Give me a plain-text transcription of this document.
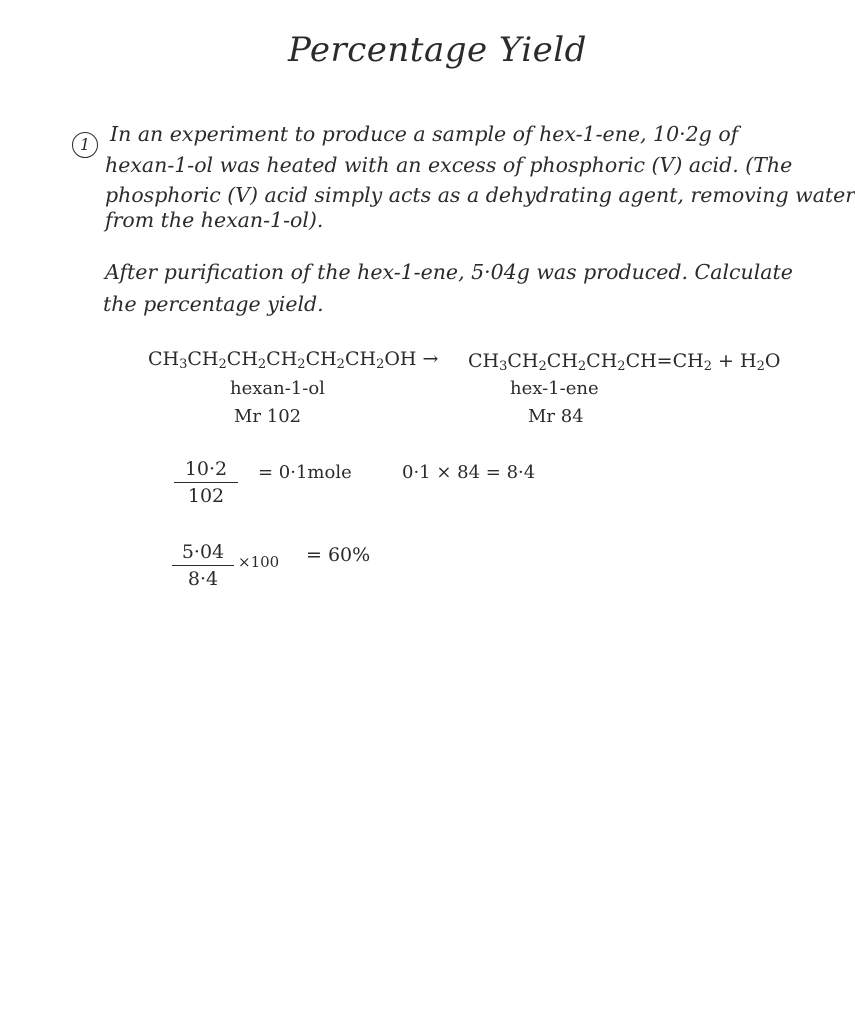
Percentage Yield
1 In an experiment to produce a sample of hex-1-ene, 10·2g of
hexan-1-ol was heated with an excess of phosphoric (V) acid. (The
phosphoric (V) acid simply acts as a dehydrating agent, removing water
from the hexan-1-ol).
After purification of the hex-1-ene, 5·04g was produced. Calculate
the percentage yield.
$CH_3CH_2CH_2CH_2CH_2CH_2OH \to CH_3CH_2CH_2CH_2CH=CH_2 + H_2O$
hexan-1-ol
Mr 102
hex-1-ene
Mr 84
10·2
102
= 0·1mole	0·1 × 84 = 8·4
5·04
8·4
×100 = 60%
